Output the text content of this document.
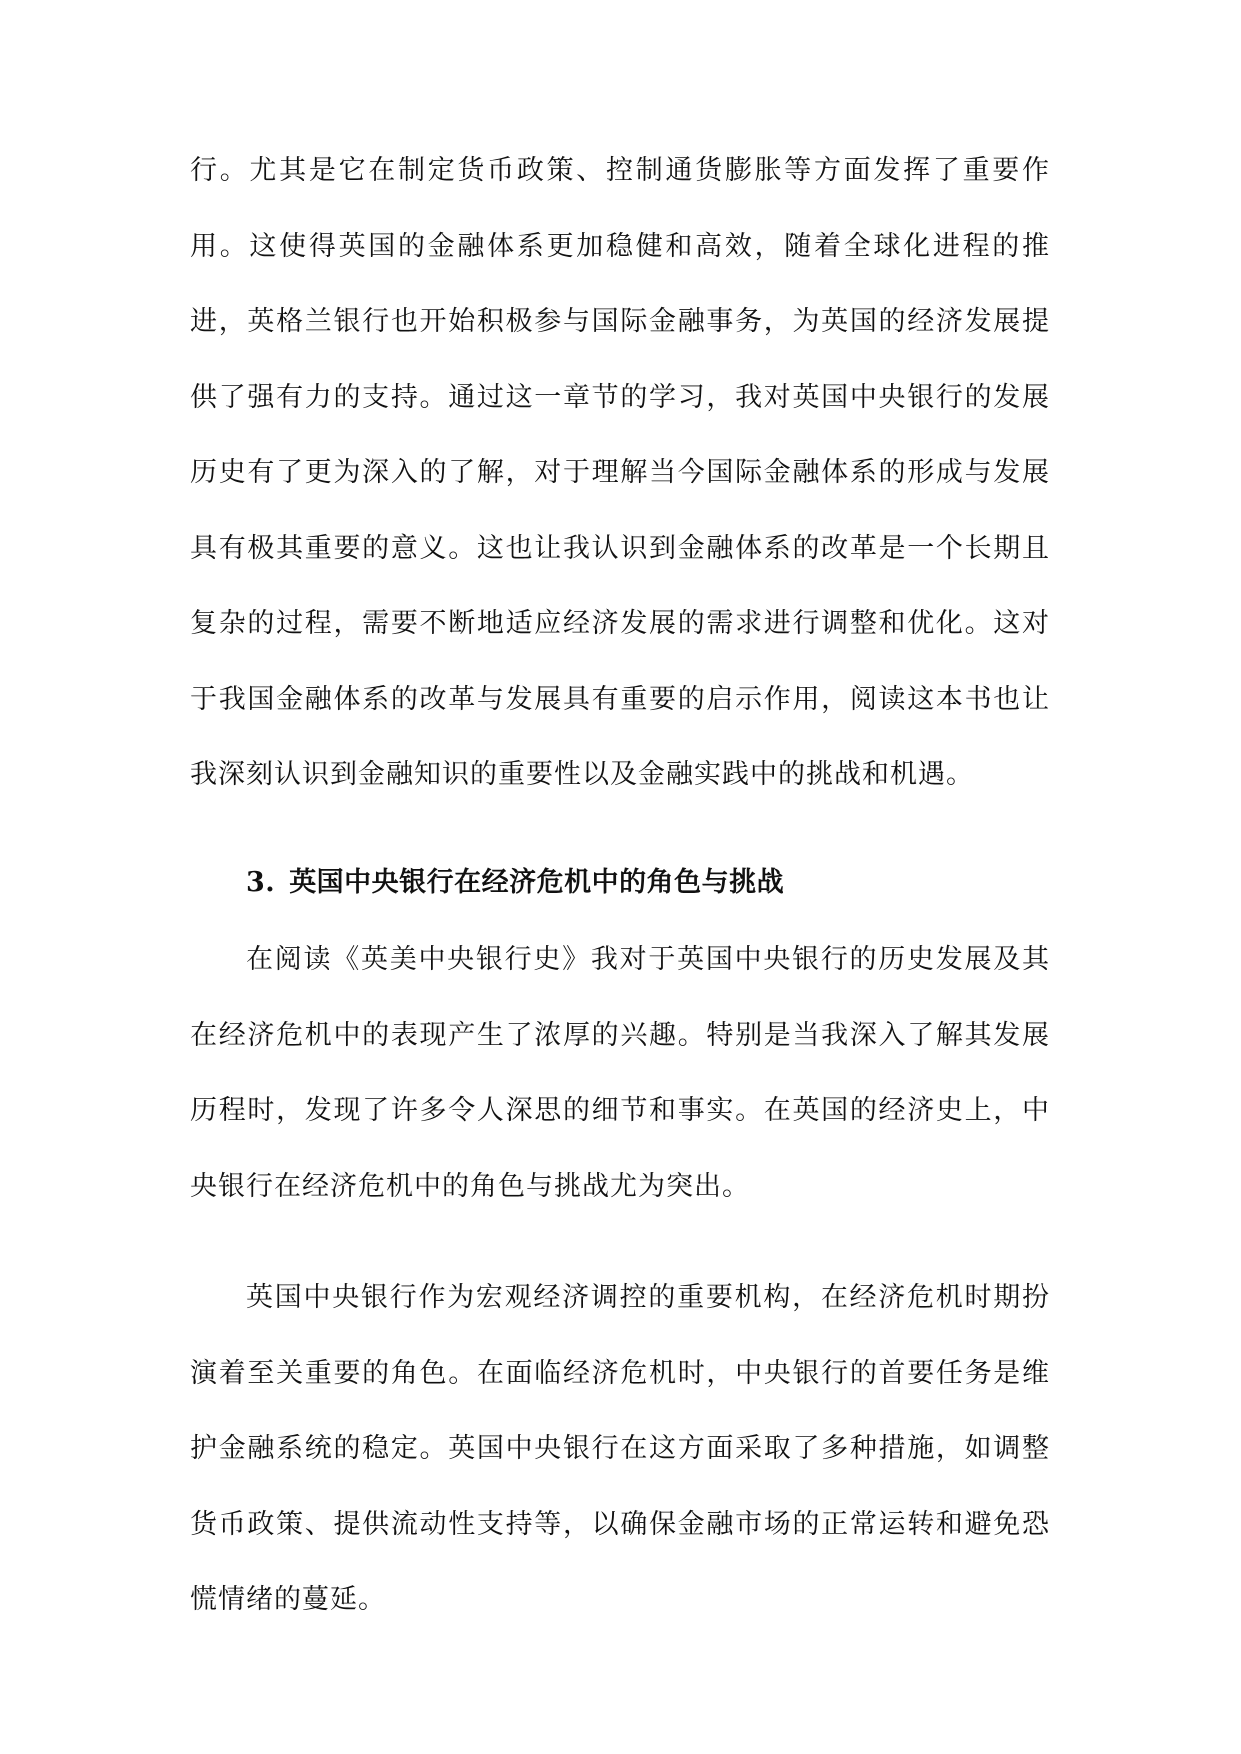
行。尤其是它在制定货币政策、控制通货膨胀等方面发挥了重要作用。这使得英国的金融体系更加稳健和高效，随着全球化进程的推进，英格兰银行也开始积极参与国际金融事务，为英国的经济发展提供了强有力的支持。通过这一章节的学习，我对英国中央银行的发展历史有了更为深入的了解，对于理解当今国际金融体系的形成与发展具有极其重要的意义。这也让我认识到金融体系的改革是一个长期且复杂的过程，需要不断地适应经济发展的需求进行调整和优化。这对于我国金融体系的改革与发展具有重要的启示作用，阅读这本书也让我深刻认识到金融知识的重要性以及金融实践中的挑战和机遇。

3. 英国中央银行在经济危机中的角色与挑战

在阅读《英美中央银行史》我对于英国中央银行的历史发展及其在经济危机中的表现产生了浓厚的兴趣。特别是当我深入了解其发展历程时，发现了许多令人深思的细节和事实。在英国的经济史上，中央银行在经济危机中的角色与挑战尤为突出。

英国中央银行作为宏观经济调控的重要机构，在经济危机时期扮演着至关重要的角色。在面临经济危机时，中央银行的首要任务是维护金融系统的稳定。英国中央银行在这方面采取了多种措施，如调整货币政策、提供流动性支持等，以确保金融市场的正常运转和避免恐慌情绪的蔓延。
